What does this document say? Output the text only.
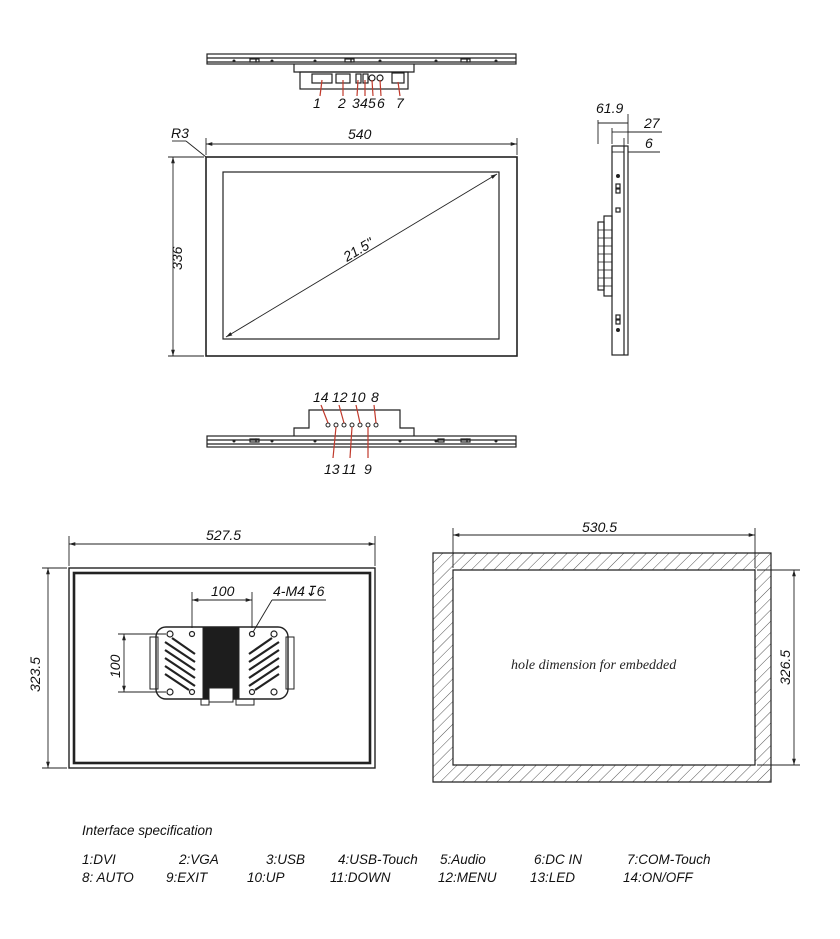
1 2 3 4 5 6 7
R3	540
336	21.5"
61.9
27
6
14 12 10 8
13 11 9
527.5
323.5
100
100
4-M4↧6
530.5
326.5
hole dimension for embedded
Interface specification
1:DVI	2:VGA	3:USB 4:USB-Touch 5:Audio	6:DC IN	7:COM-Touch
8: AUTO 9:EXIT	10:UP	11:DOWN	12:MENU 13:LED	14:ON/OFF
